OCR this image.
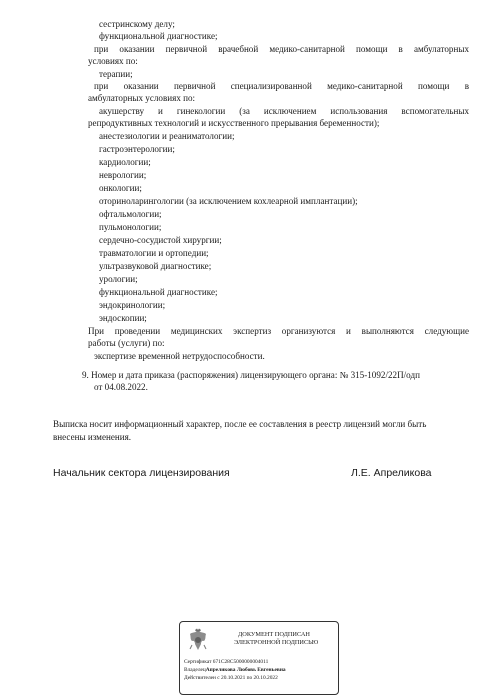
сестринскому делу;
функциональной диагностике;
при оказании первичной врачебной медико-санитарной помощи в амбулаторных
условиях по:
терапии;
при оказании первичной специализированной медико-санитарной помощи в
амбулаторных условиях по:
акушерству и гинекологии (за исключением использования вспомогательных
репродуктивных технологий и искусственного прерывания беременности);
анестезиологии и реаниматологии;
гастроэнтерологии;
кардиологии;
неврологии;
онкологии;
оториноларингологии (за исключением кохлеарной имплантации);
офтальмологии;
пульмонологии;
сердечно-сосудистой хирургии;
травматологии и ортопедии;
ультразвуковой диагностике;
урологии;
функциональной диагностике;
эндокринологии;
эндоскопии;
При проведении медицинских экспертиз организуются и выполняются следующие
работы (услуги) по:
экспертизе временной нетрудоспособности.
9. Номер и дата приказа (распоряжения) лицензирующего органа: № 315-1092/22П/одп
от 04.08.2022.
Выписка носит информационный характер, после ее составления в реестр лицензий могли быть
внесены изменения.
Начальник сектора лицензирования	Л.Е. Апреликова
ДОКУМЕНТ ПОДПИСАН
ЭЛЕКТРОННОЙ ПОДПИСЬЮ
Сертификат 671C28C5000000004011
ВладелецАпреликова Любовь Евгеньевна
Действителен с 20.10.2021 по 20.10.2022
